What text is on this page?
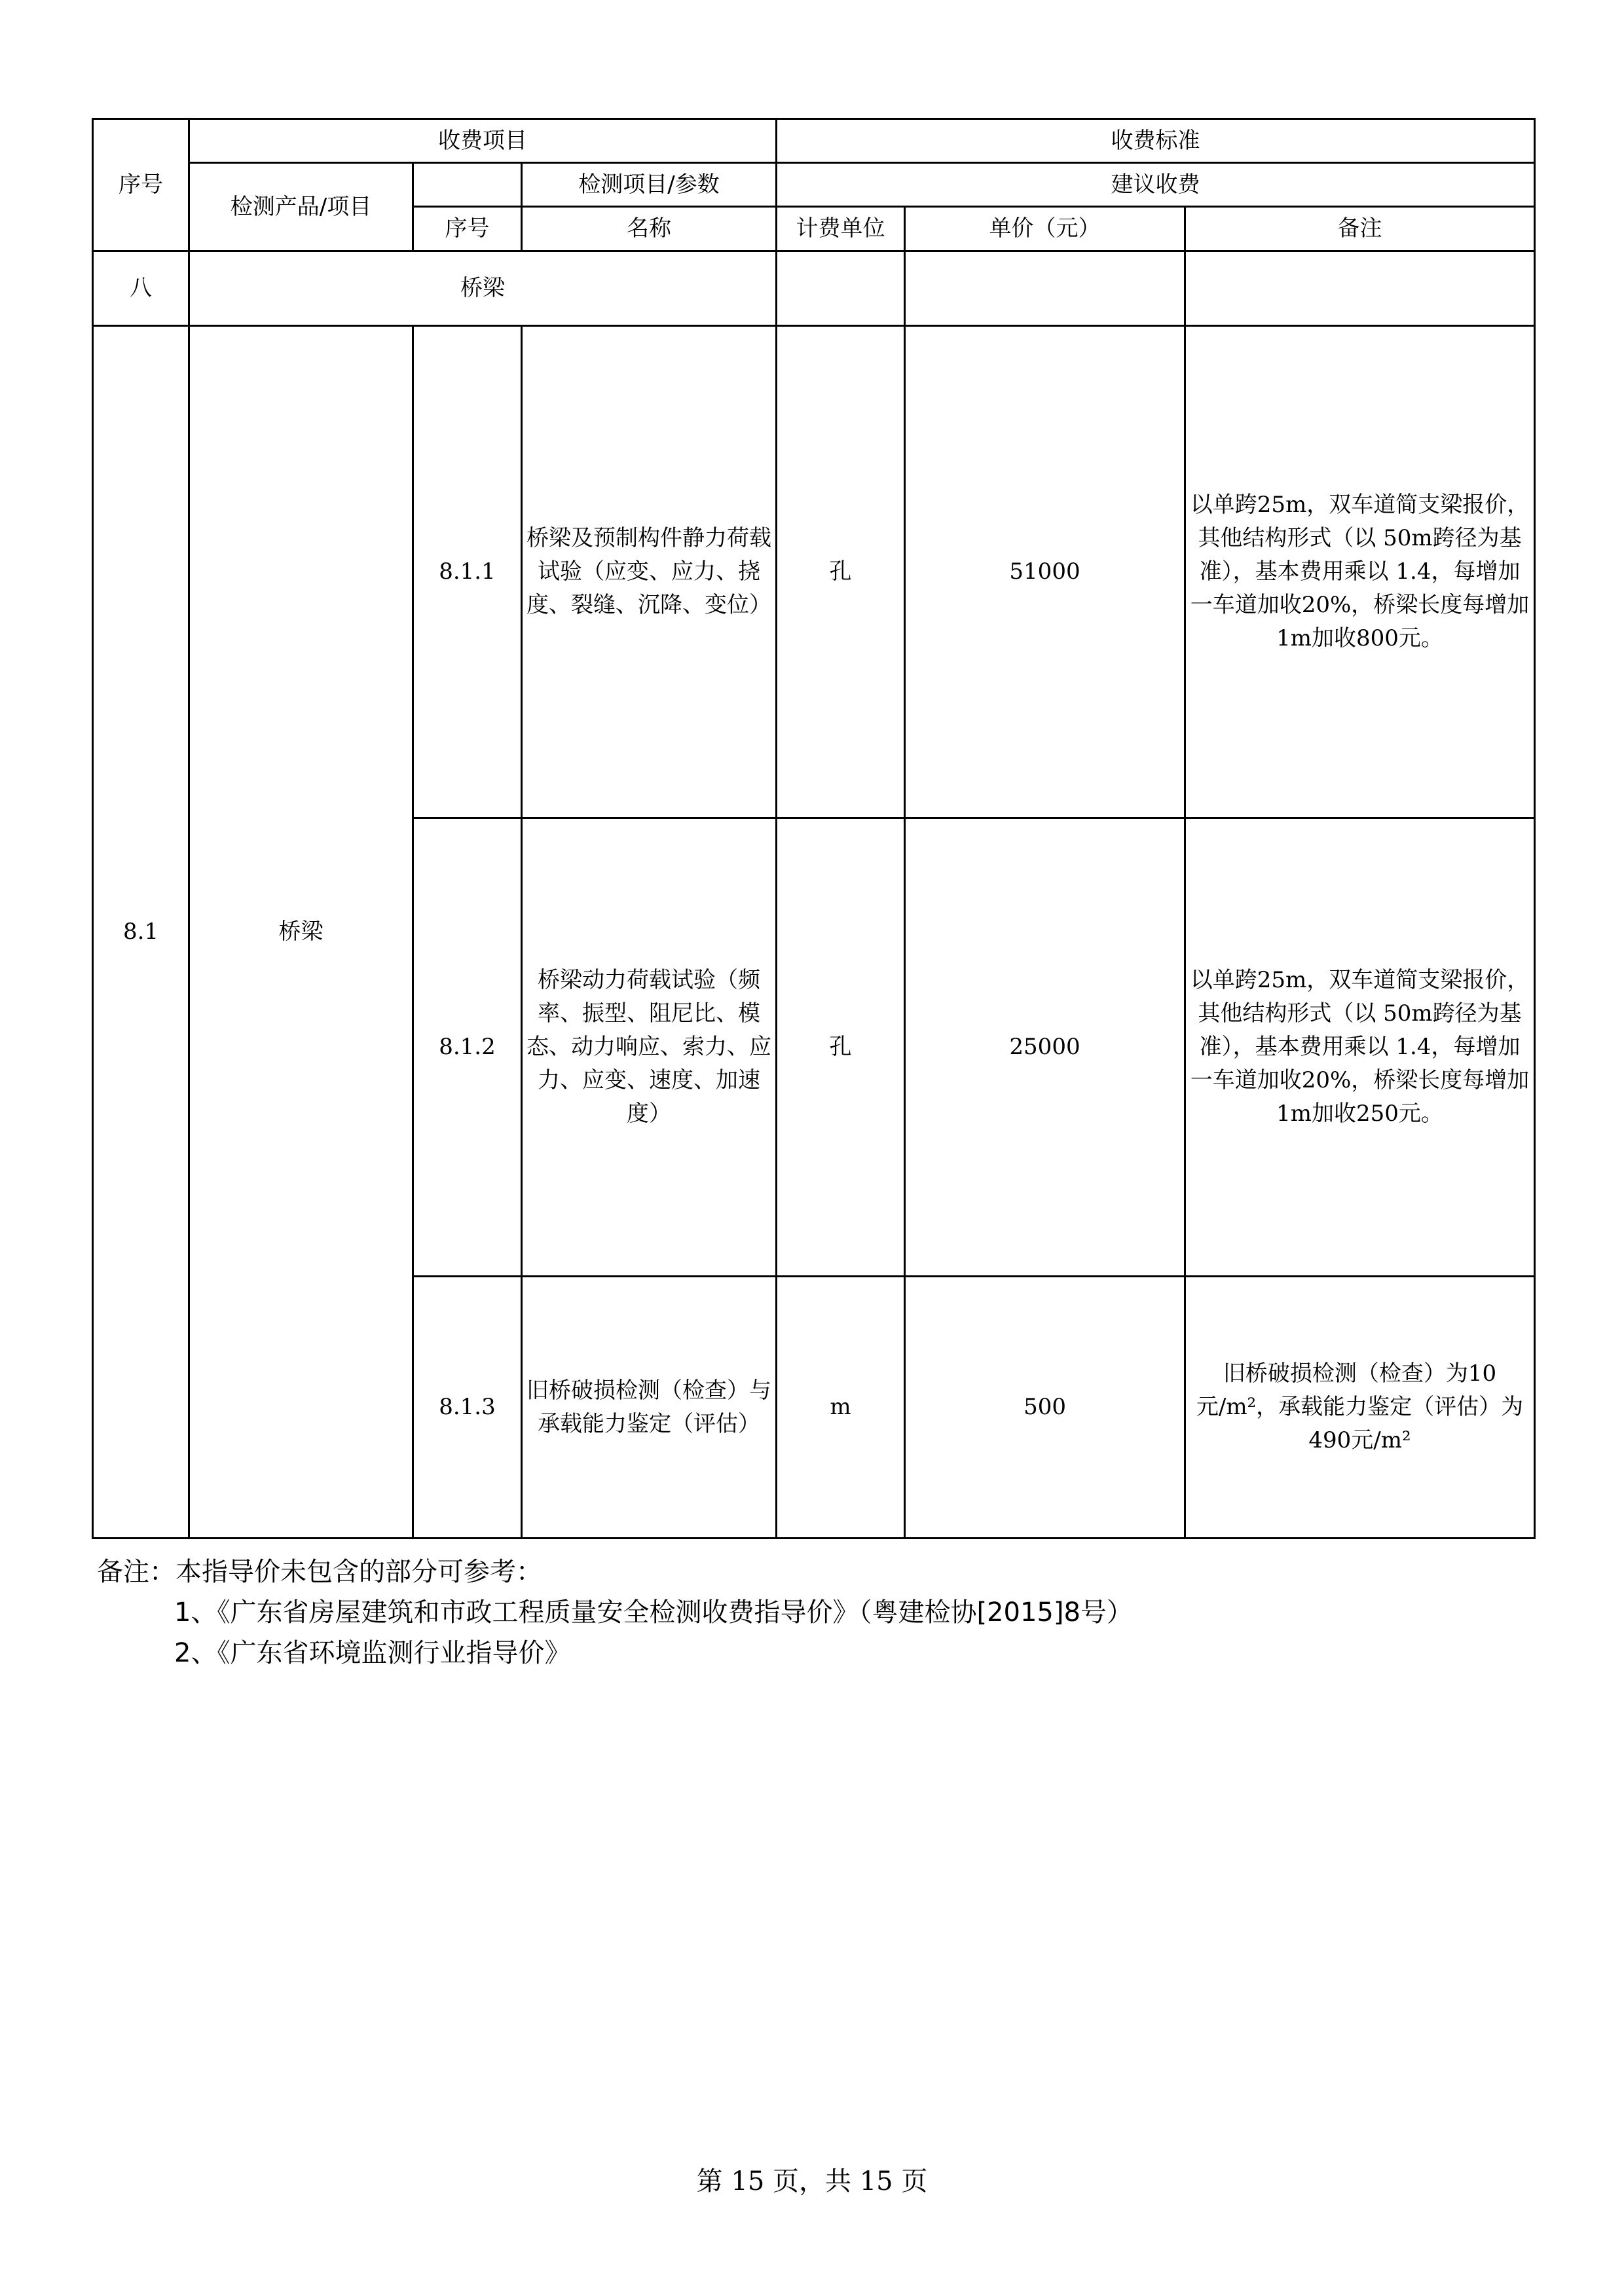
序号	收费项目			收费标准		
	检测产品/项目		检测项目/参数	建议收费		
		序号	名称	计费单位	单价（元）	备注
八	桥梁					
8.1	桥梁	8.1.1	桥梁及预制构件静力荷载试验（应变、应力、挠度、裂缝、沉降、变位）	孔	51000	以单跨25m，双车道简支梁报价，其他结构形式（以 50m跨径为基准），基本费用乘以 1.4，每增加一车道加收20%，桥梁长度每增加1m加收800元。
		8.1.2	桥梁动力荷载试验（频率、振型、阻尼比、模态、动力响应、索力、应力、应变、速度、加速度）	孔	25000	以单跨25m，双车道简支梁报价，其他结构形式（以 50m跨径为基准），基本费用乘以 1.4，每增加一车道加收20%，桥梁长度每增加1m加收250元。
		8.1.3	旧桥破损检测（检查）与承载能力鉴定（评估）	m	500	旧桥破损检测（检查）为10元/m²，承载能力鉴定（评估）为490元/m²
备注：本指导价未包含的部分可参考：
1、《广东省房屋建筑和市政工程质量安全检测收费指导价》（粤建检协[2015]8号）
2、《广东省环境监测行业指导价》
第 15 页，共 15 页
